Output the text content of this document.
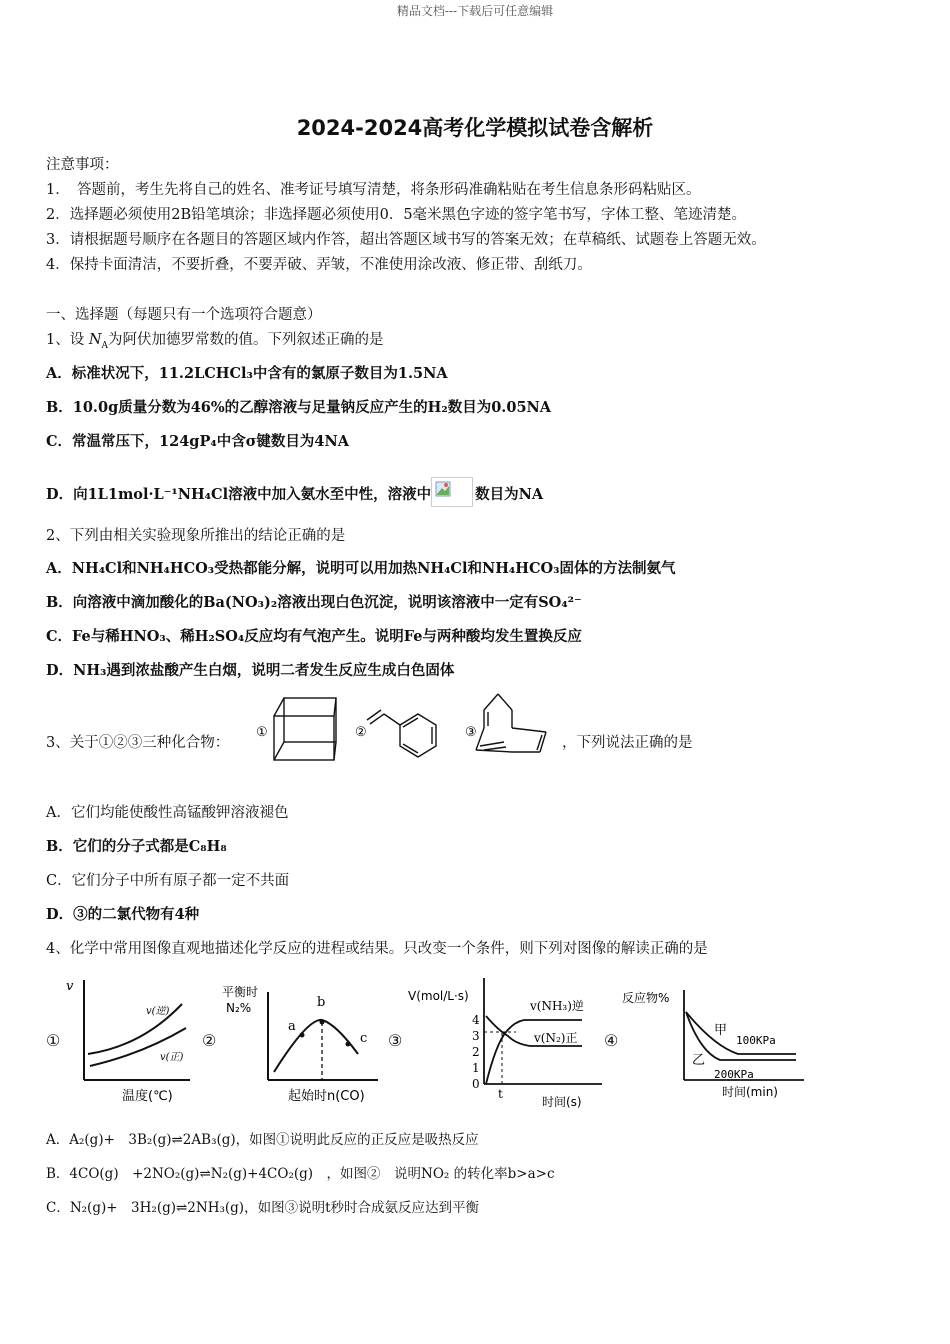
精品文档---下载后可任意编辑
2024-2024高考化学模拟试卷含解析
注意事项：
1．　答题前，考生先将自己的姓名、准考证号填写清楚，将条形码准确粘贴在考生信息条形码粘贴区。
2．选择题必须使用2B铅笔填涂；非选择题必须使用0．5毫米黑色字迹的签字笔书写，字体工整、笔迹清楚。
3．请根据题号顺序在各题目的答题区域内作答，超出答题区域书写的答案无效；在草稿纸、试题卷上答题无效。
4．保持卡面清洁，不要折叠，不要弄破、弄皱，不准使用涂改液、修正带、刮纸刀。
一、选择题（每题只有一个选项符合题意）
1、设 $N_A$为阿伏加德罗常数的值。下列叙述正确的是
A．标准状况下，11.2LCHCl₃中含有的氯原子数目为1.5NA
B．10.0g质量分数为46%的乙醇溶液与足量钠反应产生的H₂数目为0.05NA
C．常温常压下，124gP₄中含σ键数目为4NA
D．向1L1mol·L⁻¹NH₄Cl溶液中加入氨水至中性，溶液中	数目为NA
2、下列由相关实验现象所推出的结论正确的是
A．NH₄Cl和NH₄HCO₃受热都能分解，说明可以用加热NH₄Cl和NH₄HCO₃固体的方法制氨气
B．向溶液中滴加酸化的Ba(NO₃)₂溶液出现白色沉淀，说明该溶液中一定有SO₄²⁻
C．Fe与稀HNO₃、稀H₂SO₄反应均有气泡产生。说明Fe与两种酸均发生置换反应
D．NH₃遇到浓盐酸产生白烟，说明二者发生反应生成白色固体
3、关于①②③三种化合物：
①	②	③
，下列说法正确的是
A．它们均能使酸性高锰酸钾溶液褪色
B．它们的分子式都是C₈H₈
C．它们分子中所有原子都一定不共面
D．③的二氯代物有4种
4、化学中常用图像直观地描述化学反应的进程或结果。只改变一个条件，则下列对图像的解读正确的是
①	②	③	④
v
v(逆)
v(正)
温度(℃)
平衡时
N₂%
a
b
c
起始时n(CO)
V(mol/L·s)
4
3
2
1
0
t
v(NH₃)逆
v(N₂)正
时间(s)
反应物%
甲
100KPa
乙
200KPa
时间(min)
A．A₂(g)+　3B₂(g)⇌2AB₃(g)，如图①说明此反应的正反应是吸热反应
B．4CO(g)　+2NO₂(g)⇌N₂(g)+4CO₂(g)　，如图②　说明NO₂ 的转化率b>a>c
C．N₂(g)+　3H₂(g)⇌2NH₃(g)，如图③说明t秒时合成氨反应达到平衡
